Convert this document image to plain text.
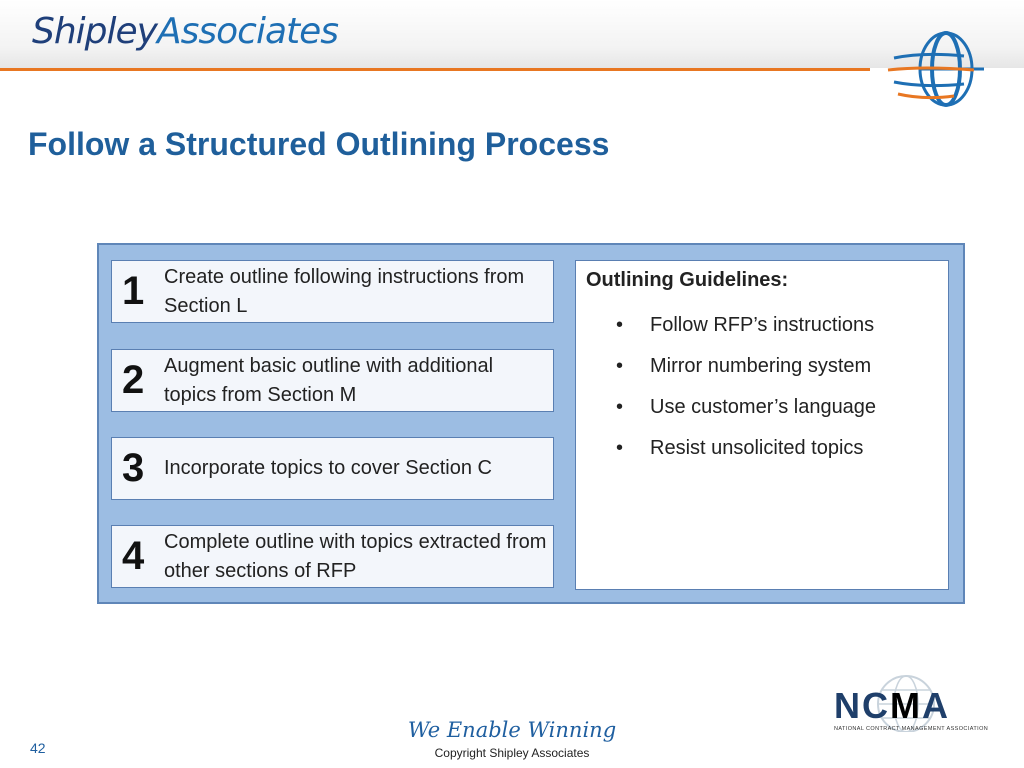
ShipleyAssociates
Follow a Structured Outlining Process
1 Create outline following instructions from Section L
2 Augment basic outline with additional topics from Section M
3 Incorporate topics to cover Section C
4 Complete outline with topics extracted from other sections of RFP
Outlining Guidelines:
• Follow RFP’s instructions
• Mirror numbering system
• Use customer’s language
• Resist unsolicited topics
42
We Enable Winning
Copyright Shipley Associates
NCMA
NATIONAL CONTRACT MANAGEMENT ASSOCIATION
